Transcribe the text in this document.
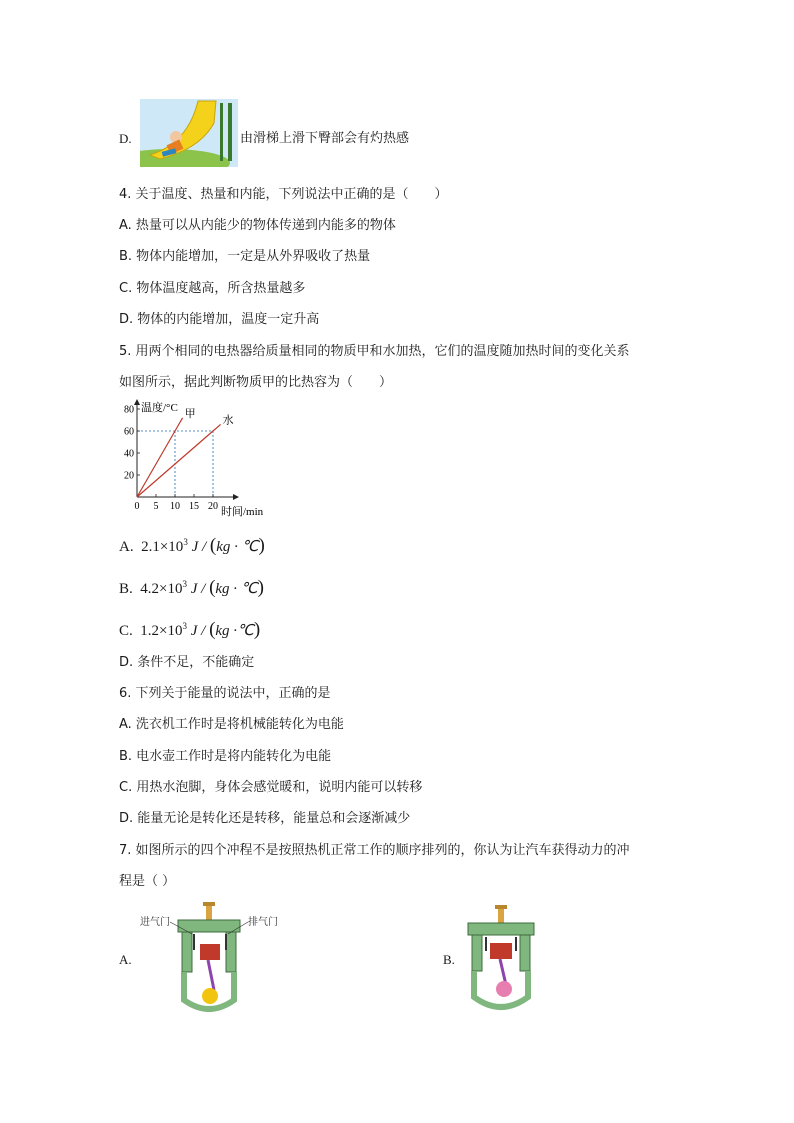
D.	由滑梯上滑下臀部会有灼热感
4. 关于温度、热量和内能，下列说法中正确的是（　　）
A. 热量可以从内能少的物体传递到内能多的物体
B. 物体内能增加，一定是从外界吸收了热量
C. 物体温度越高，所含热量越多
D. 物体的内能增加，温度一定升高
5. 用两个相同的电热器给质量相同的物质甲和水加热，它们的温度随加热时间的变化关系
如图所示，据此判断物质甲的比热容为（　　）
温度/°C
时间/min
0 5 10 15 20
20
40
60
80	甲
水
A. $2.1\times 10^3$ J / (kg · ℃)
B. $4.2\times 10^3$ J / (kg · ℃)
C. $1.2\times 10^3$ J / (kg ·℃)
D. 条件不足，不能确定
6. 下列关于能量的说法中，正确的是
A. 洗衣机工作时是将机械能转化为电能
B. 电水壶工作时是将内能转化为电能
C. 用热水泡脚，身体会感觉暖和，说明内能可以转移
D. 能量无论是转化还是转移，能量总和会逐渐减少
7. 如图所示的四个冲程不是按照热机正常工作的顺序排列的，你认为让汽车获得动力的冲
程是（ ）
A.
进气门	排气门
B.
